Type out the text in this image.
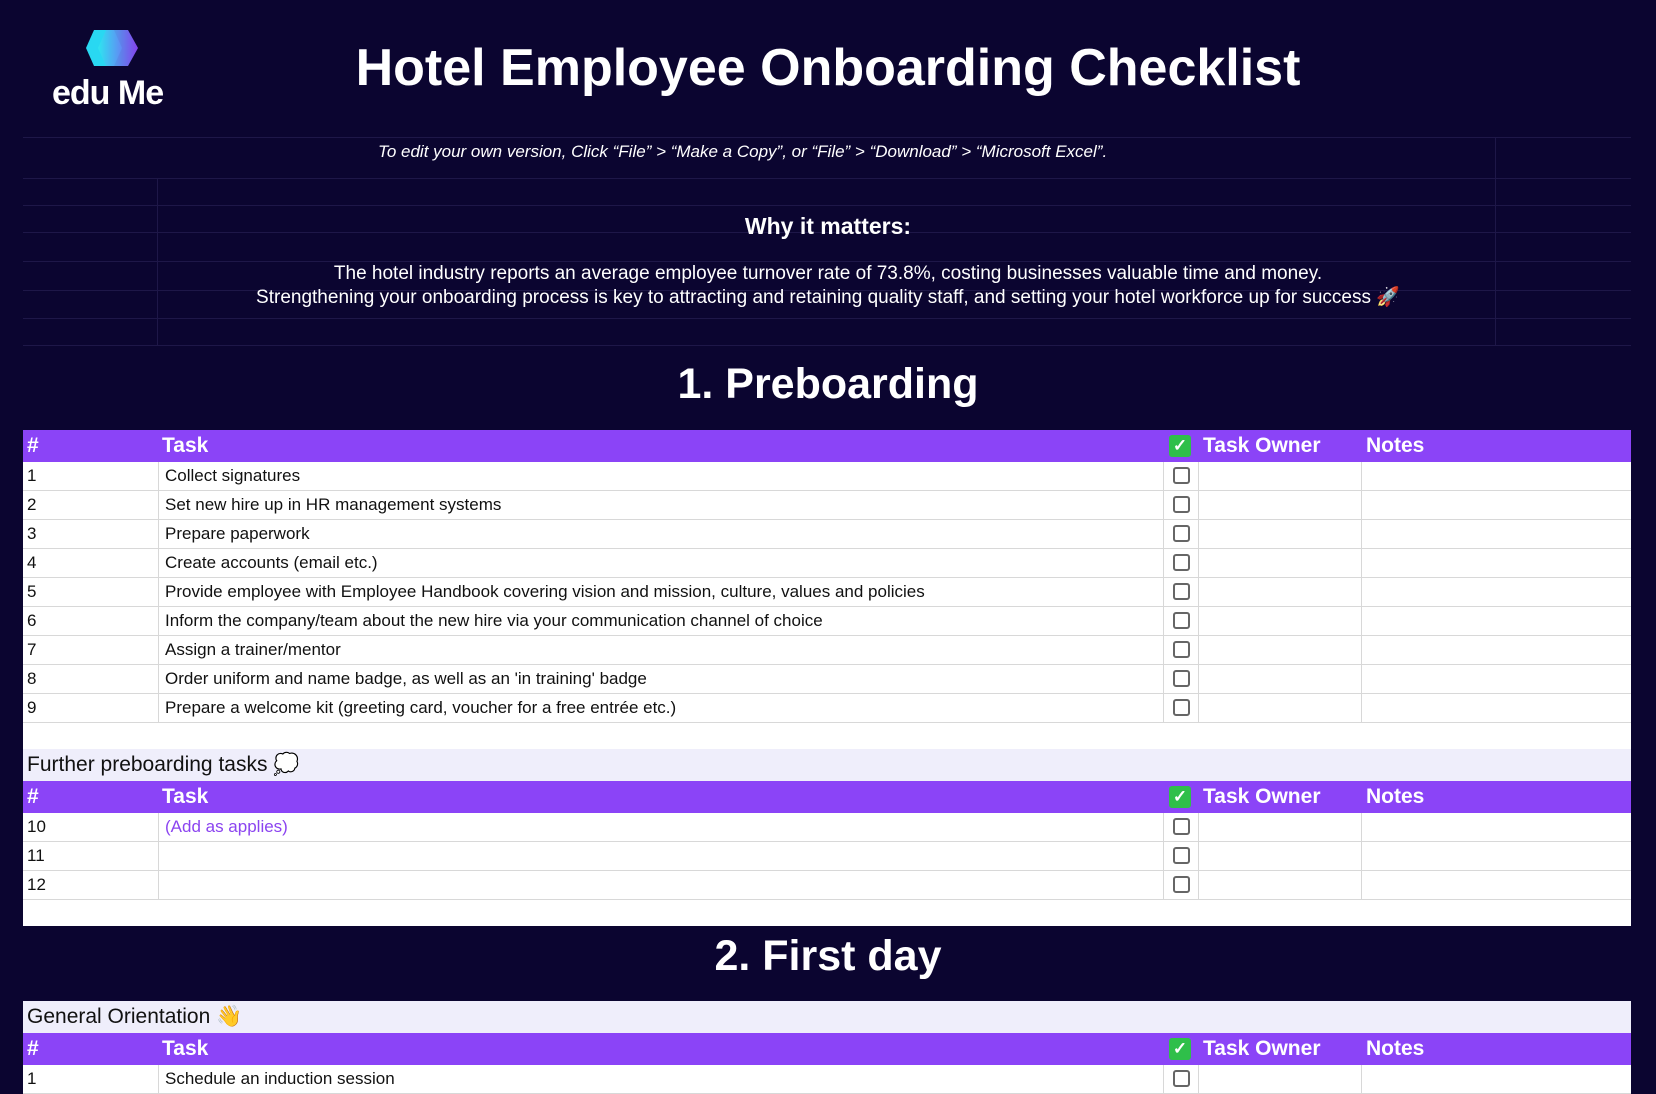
edu Me	Hotel Employee Onboarding Checklist
To edit your own version, Click “File” > “Make a Copy”, or “File” > “Download” > “Microsoft Excel”.
Why it matters:
The hotel industry reports an average employee turnover rate of 73.8%, costing businesses valuable time and money.
Strengthening your onboarding process is key to attracting and retaining quality staff, and setting your hotel workforce up for success 🚀
1. Preboarding
#	Task	✓ Task Owner Notes
1	Collect signatures
2	Set new hire up in HR management systems
3	Prepare paperwork
4	Create accounts (email etc.)
5	Provide employee with Employee Handbook covering vision and mission, culture, values and policies
6	Inform the company/team about the new hire via your communication channel of choice
7	Assign a trainer/mentor
8	Order uniform and name badge, as well as an 'in training' badge
9	Prepare a welcome kit (greeting card, voucher for a free entrée etc.)
Further preboarding tasks 💭
#	Task	✓ Task Owner Notes
10	(Add as applies)
11
12
2. First day
General Orientation 👋
#	Task	✓ Task Owner Notes
1	Schedule an induction session
